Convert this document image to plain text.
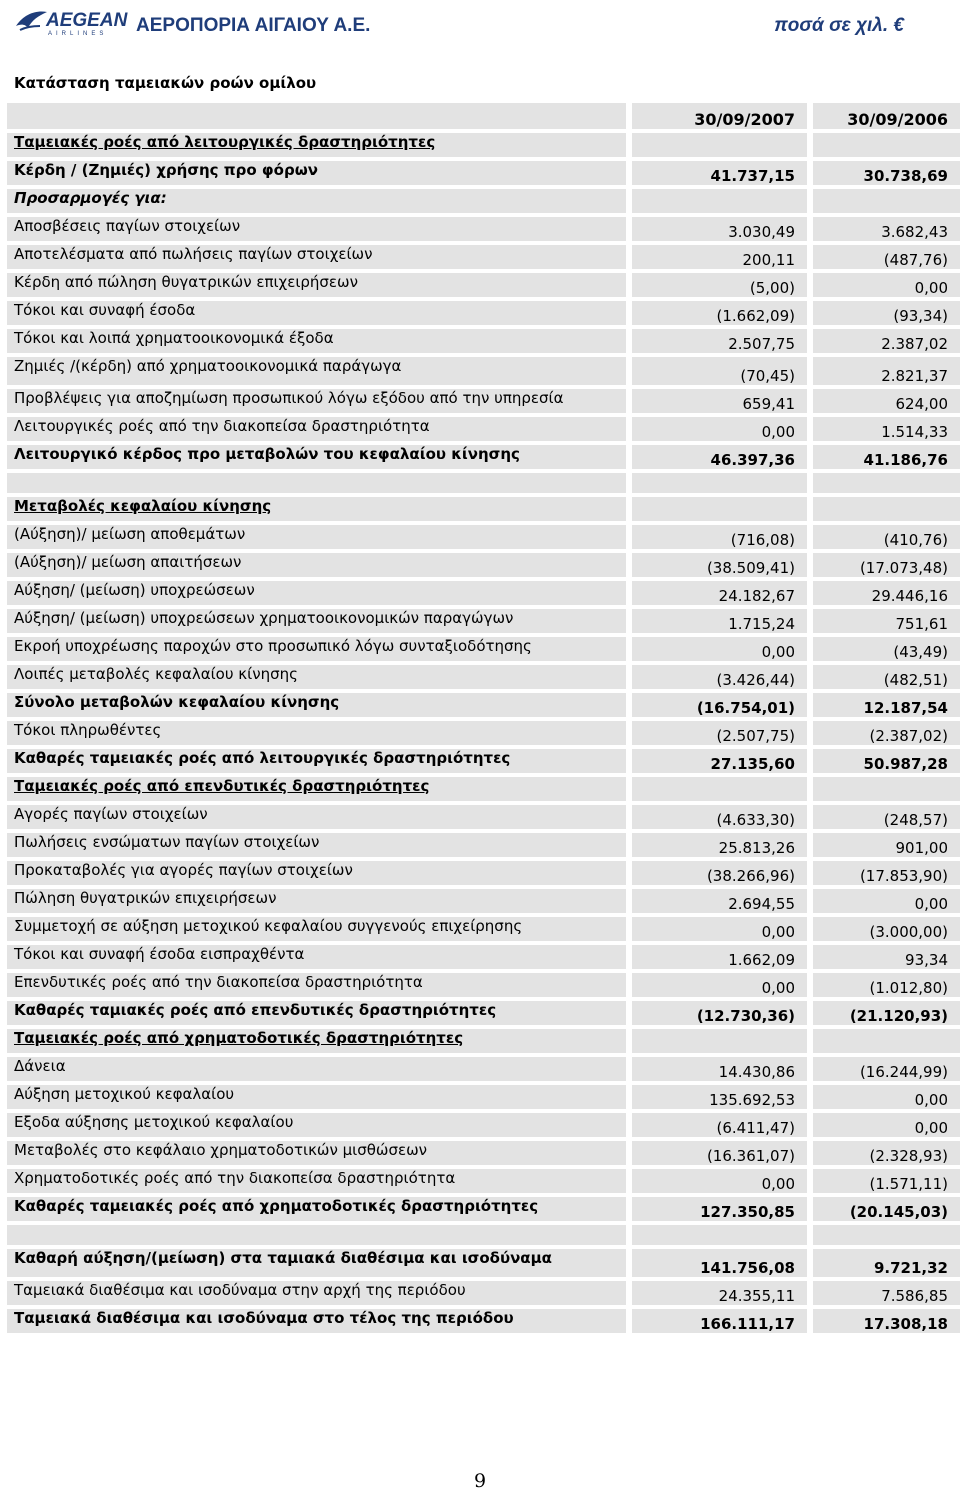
AEGEAN
AIRLINES ΑΕΡΟΠΟΡΙΑ ΑΙΓΑΙΟΥ Α.Ε.	ποσά σε χιλ. €
Κατάσταση ταμειακών ροών ομίλου
		30/09/2007		30/09/2006
Ταμειακές ροές από λειτουργικές δραστηριότητες				
Κέρδη / (Ζημιές) χρήσης προ φόρων		41.737,15		30.738,69
Προσαρμογές για:				
Αποσβέσεις παγίων στοιχείων		3.030,49		3.682,43
Αποτελέσματα από πωλήσεις παγίων στοιχείων		200,11		(487,76)
Κέρδη από πώληση θυγατρικών επιχειρήσεων		(5,00)		0,00
Τόκοι και συναφή έσοδα		(1.662,09)		(93,34)
Τόκοι και λοιπά χρηματοοικονομικά έξοδα		2.507,75		2.387,02
Ζημιές /(κέρδη) από χρηματοοικονομικά παράγωγα		(70,45)		2.821,37
Προβλέψεις για αποζημίωση προσωπικού λόγω εξόδου από την υπηρεσία		659,41		624,00
Λειτουργικές ροές από την διακοπείσα δραστηριότητα		0,00		1.514,33
Λειτουργικό κέρδος προ μεταβολών του κεφαλαίου κίνησης		46.397,36		41.186,76

Μεταβολές κεφαλαίου κίνησης				
(Αύξηση)/ μείωση αποθεμάτων		(716,08)		(410,76)
(Αύξηση)/ μείωση απαιτήσεων		(38.509,41)		(17.073,48)
Αύξηση/ (μείωση) υποχρεώσεων		24.182,67		29.446,16
Αύξηση/ (μείωση) υποχρεώσεων χρηματοοικονομικών παραγώγων		1.715,24		751,61
Εκροή υποχρέωσης παροχών στο προσωπικό λόγω συνταξιοδότησης		0,00		(43,49)
Λοιπές μεταβολές κεφαλαίου κίνησης		(3.426,44)		(482,51)
Σύνολο μεταβολών κεφαλαίου κίνησης		(16.754,01)		12.187,54
Τόκοι πληρωθέντες		(2.507,75)		(2.387,02)
Καθαρές ταμειακές ροές από λειτουργικές δραστηριότητες		27.135,60		50.987,28
Ταμειακές ροές από επενδυτικές δραστηριότητες				
Αγορές παγίων στοιχείων		(4.633,30)		(248,57)
Πωλήσεις ενσώματων παγίων στοιχείων		25.813,26		901,00
Προκαταβολές για αγορές παγίων στοιχείων		(38.266,96)		(17.853,90)
Πώληση θυγατρικών επιχειρήσεων		2.694,55		0,00
Συμμετοχή σε αύξηση μετοχικού κεφαλαίου συγγενούς επιχείρησης		0,00		(3.000,00)
Τόκοι και συναφή έσοδα εισπραχθέντα		1.662,09		93,34
Επενδυτικές ροές από την διακοπείσα δραστηριότητα		0,00		(1.012,80)
Καθαρές ταμιακές ροές από επενδυτικές δραστηριότητες		(12.730,36)		(21.120,93)
Ταμειακές ροές από χρηματοδοτικές δραστηριότητες				
Δάνεια		14.430,86		(16.244,99)
Αύξηση μετοχικού κεφαλαίου		135.692,53		0,00
Εξοδα αύξησης μετοχικού κεφαλαίου		(6.411,47)		0,00
Μεταβολές στο κεφάλαιο χρηματοδοτικών μισθώσεων		(16.361,07)		(2.328,93)
Χρηματοδοτικές ροές από την διακοπείσα δραστηριότητα		0,00		(1.571,11)
Καθαρές ταμειακές ροές από χρηματοδοτικές δραστηριότητες		127.350,85		(20.145,03)

Καθαρή αύξηση/(μείωση) στα ταμιακά διαθέσιμα και ισοδύναμα		141.756,08		9.721,32
Ταμειακά διαθέσιμα και ισοδύναμα στην αρχή της περιόδου		24.355,11		7.586,85
Ταμειακά διαθέσιμα και ισοδύναμα στο τέλος της περιόδου		166.111,17		17.308,18
9
